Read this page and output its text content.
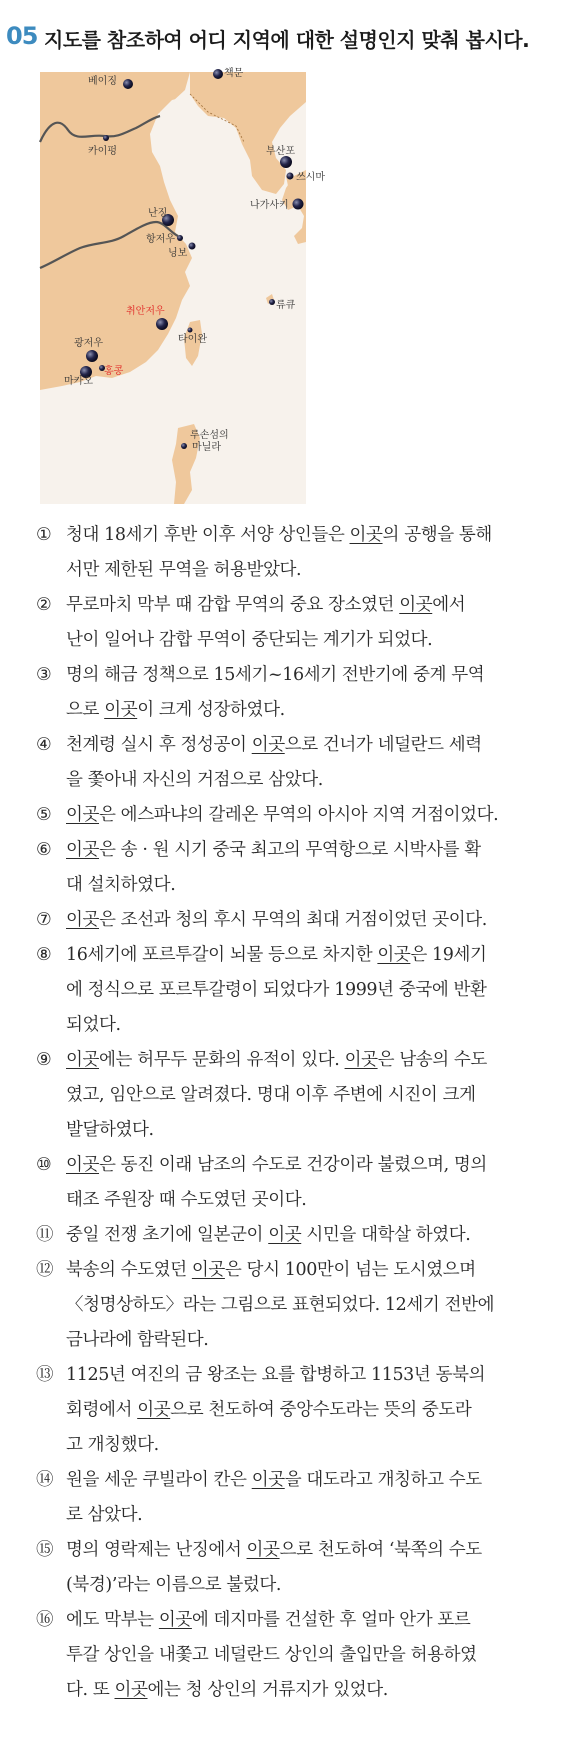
05 지도를 참조하여 어디 지역에 대한 설명인지 맞춰 봅시다.
베이징
책문
카이펑	부산포
쓰시마
나가사키
난징
항저우
닝보
취안저우
류큐
타이완
광저우
홍콩
마카오
루손섬의
마닐라
① 청대 18세기 후반 이후 서양 상인들은 이곳의 공행을 통해
서만 제한된 무역을 허용받았다.
② 무로마치 막부 때 감합 무역의 중요 장소였던 이곳에서
난이 일어나 감합 무역이 중단되는 계기가 되었다.
③ 명의 해금 정책으로 15세기~16세기 전반기에 중계 무역
으로 이곳이 크게 성장하였다.
④ 천계령 실시 후 정성공이 이곳으로 건너가 네덜란드 세력
을 쫓아내 자신의 거점으로 삼았다.
⑤ 이곳은 에스파냐의 갈레온 무역의 아시아 지역 거점이었다.
⑥ 이곳은 송 · 원 시기 중국 최고의 무역항으로 시박사를 확
대 설치하였다.
⑦ 이곳은 조선과 청의 후시 무역의 최대 거점이었던 곳이다.
⑧ 16세기에 포르투갈이 뇌물 등으로 차지한 이곳은 19세기
에 정식으로 포르투갈령이 되었다가 1999년 중국에 반환
되었다.
⑨ 이곳에는 허무두 문화의 유적이 있다. 이곳은 남송의 수도
였고, 임안으로 알려졌다. 명대 이후 주변에 시진이 크게
발달하였다.
⑩ 이곳은 동진 이래 남조의 수도로 건강이라 불렸으며, 명의
태조 주원장 때 수도였던 곳이다.
⑪ 중일 전쟁 초기에 일본군이 이곳 시민을 대학살 하였다.
⑫ 북송의 수도였던 이곳은 당시 100만이 넘는 도시였으며
〈청명상하도〉라는 그림으로 표현되었다. 12세기 전반에
금나라에 함락된다.
⑬ 1125년 여진의 금 왕조는 요를 합병하고 1153년 동북의
회령에서 이곳으로 천도하여 중앙수도라는 뜻의 중도라
고 개칭했다.
⑭ 원을 세운 쿠빌라이 칸은 이곳을 대도라고 개칭하고 수도
로 삼았다.
⑮ 명의 영락제는 난징에서 이곳으로 천도하여 ‘북쪽의 수도
(북경)’라는 이름으로 불렀다.
⑯ 에도 막부는 이곳에 데지마를 건설한 후 얼마 안가 포르
투갈 상인을 내쫓고 네덜란드 상인의 출입만을 허용하였
다. 또 이곳에는 청 상인의 거류지가 있었다.
